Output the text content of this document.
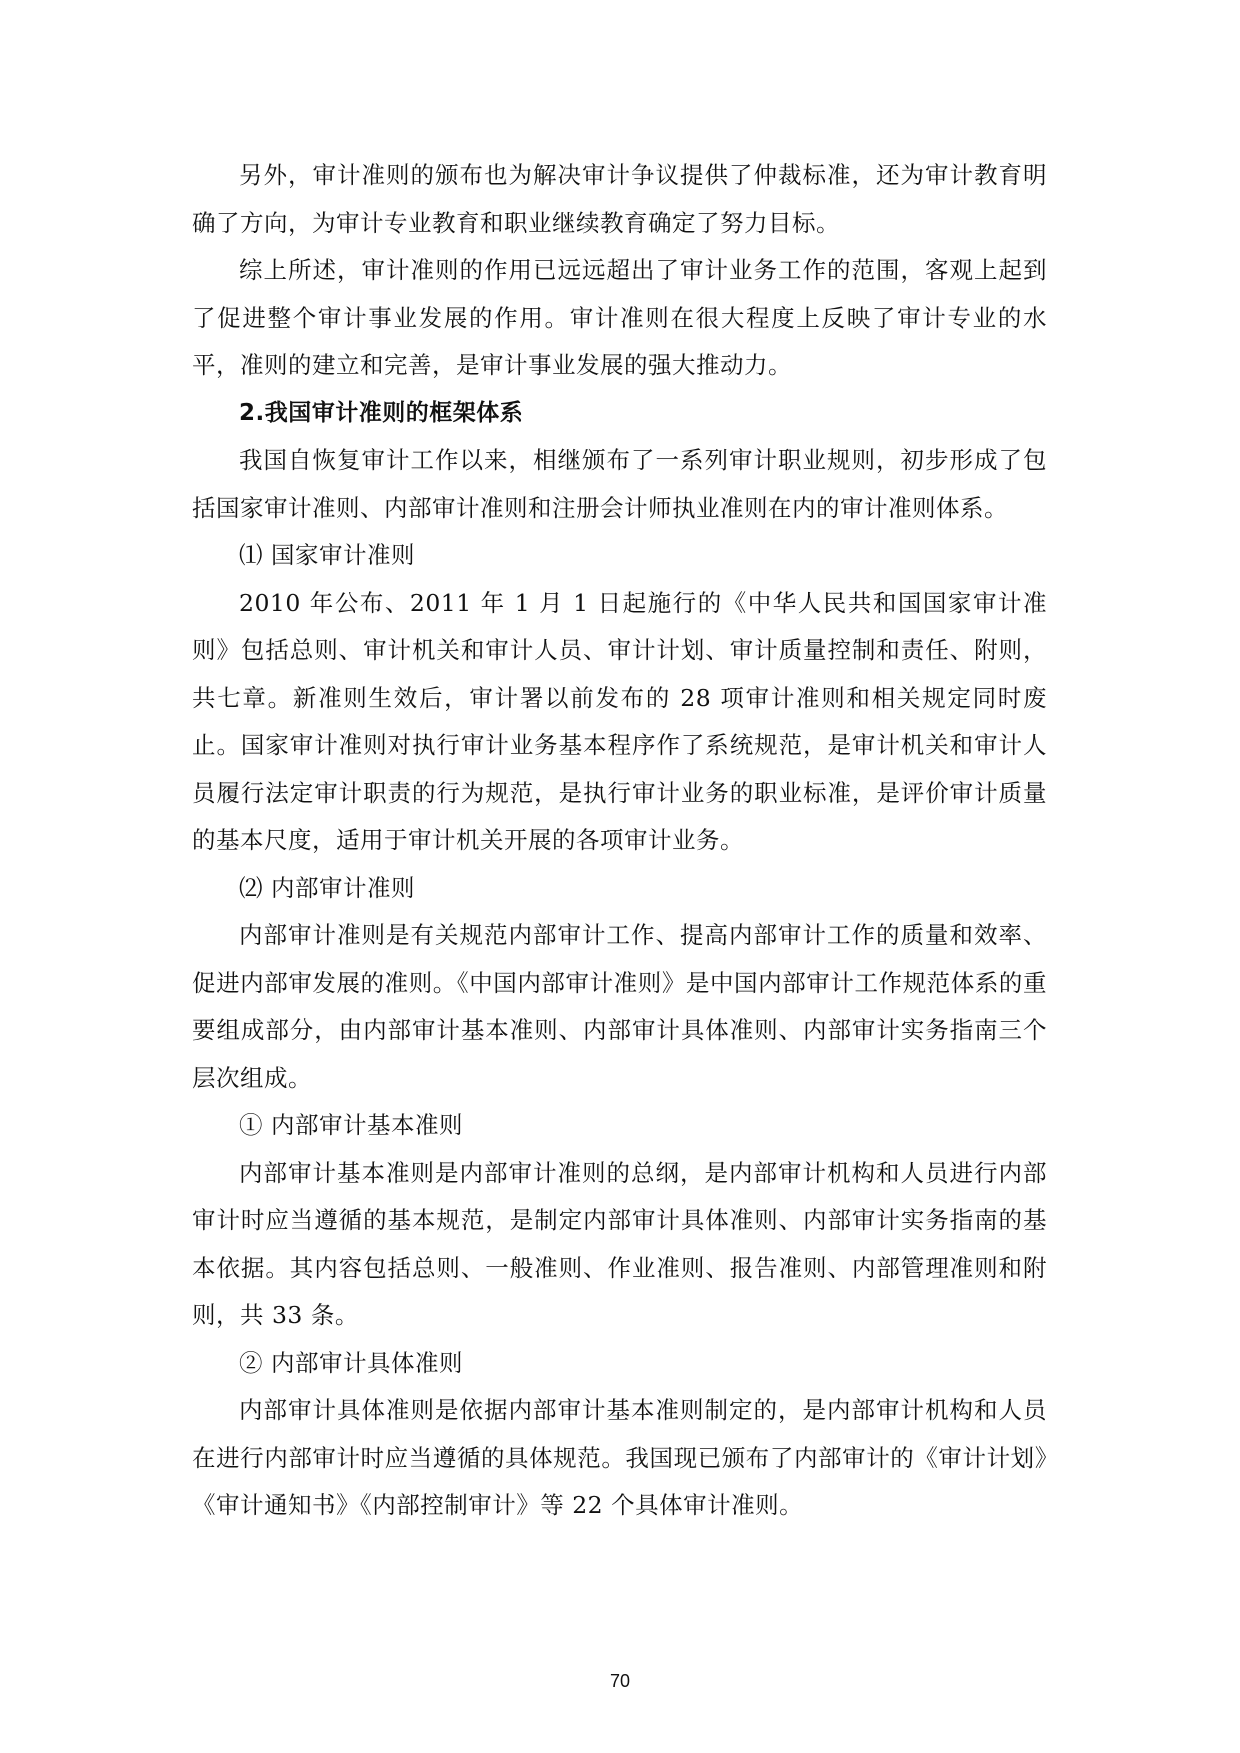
另外，审计准则的颁布也为解决审计争议提供了仲裁标准，还为审计教育明确了方向，为审计专业教育和职业继续教育确定了努力目标。

综上所述，审计准则的作用已远远超出了审计业务工作的范围，客观上起到了促进整个审计事业发展的作用。审计准则在很大程度上反映了审计专业的水平，准则的建立和完善，是审计事业发展的强大推动力。

2.我国审计准则的框架体系

我国自恢复审计工作以来，相继颁布了一系列审计职业规则，初步形成了包括国家审计准则、内部审计准则和注册会计师执业准则在内的审计准则体系。

⑴ 国家审计准则

2010 年公布、2011 年 1 月 1 日起施行的《中华人民共和国国家审计准则》包括总则、审计机关和审计人员、审计计划、审计质量控制和责任、附则，共七章。新准则生效后，审计署以前发布的 28 项审计准则和相关规定同时废止。国家审计准则对执行审计业务基本程序作了系统规范，是审计机关和审计人员履行法定审计职责的行为规范，是执行审计业务的职业标准，是评价审计质量的基本尺度，适用于审计机关开展的各项审计业务。

⑵ 内部审计准则

内部审计准则是有关规范内部审计工作、提高内部审计工作的质量和效率、促进内部审发展的准则。《中国内部审计准则》是中国内部审计工作规范体系的重要组成部分，由内部审计基本准则、内部审计具体准则、内部审计实务指南三个层次组成。

① 内部审计基本准则

内部审计基本准则是内部审计准则的总纲，是内部审计机构和人员进行内部审计时应当遵循的基本规范，是制定内部审计具体准则、内部审计实务指南的基本依据。其内容包括总则、一般准则、作业准则、报告准则、内部管理准则和附则，共 33 条。

② 内部审计具体准则

内部审计具体准则是依据内部审计基本准则制定的，是内部审计机构和人员在进行内部审计时应当遵循的具体规范。我国现已颁布了内部审计的《审计计划》《审计通知书》《内部控制审计》等 22 个具体审计准则。

70
